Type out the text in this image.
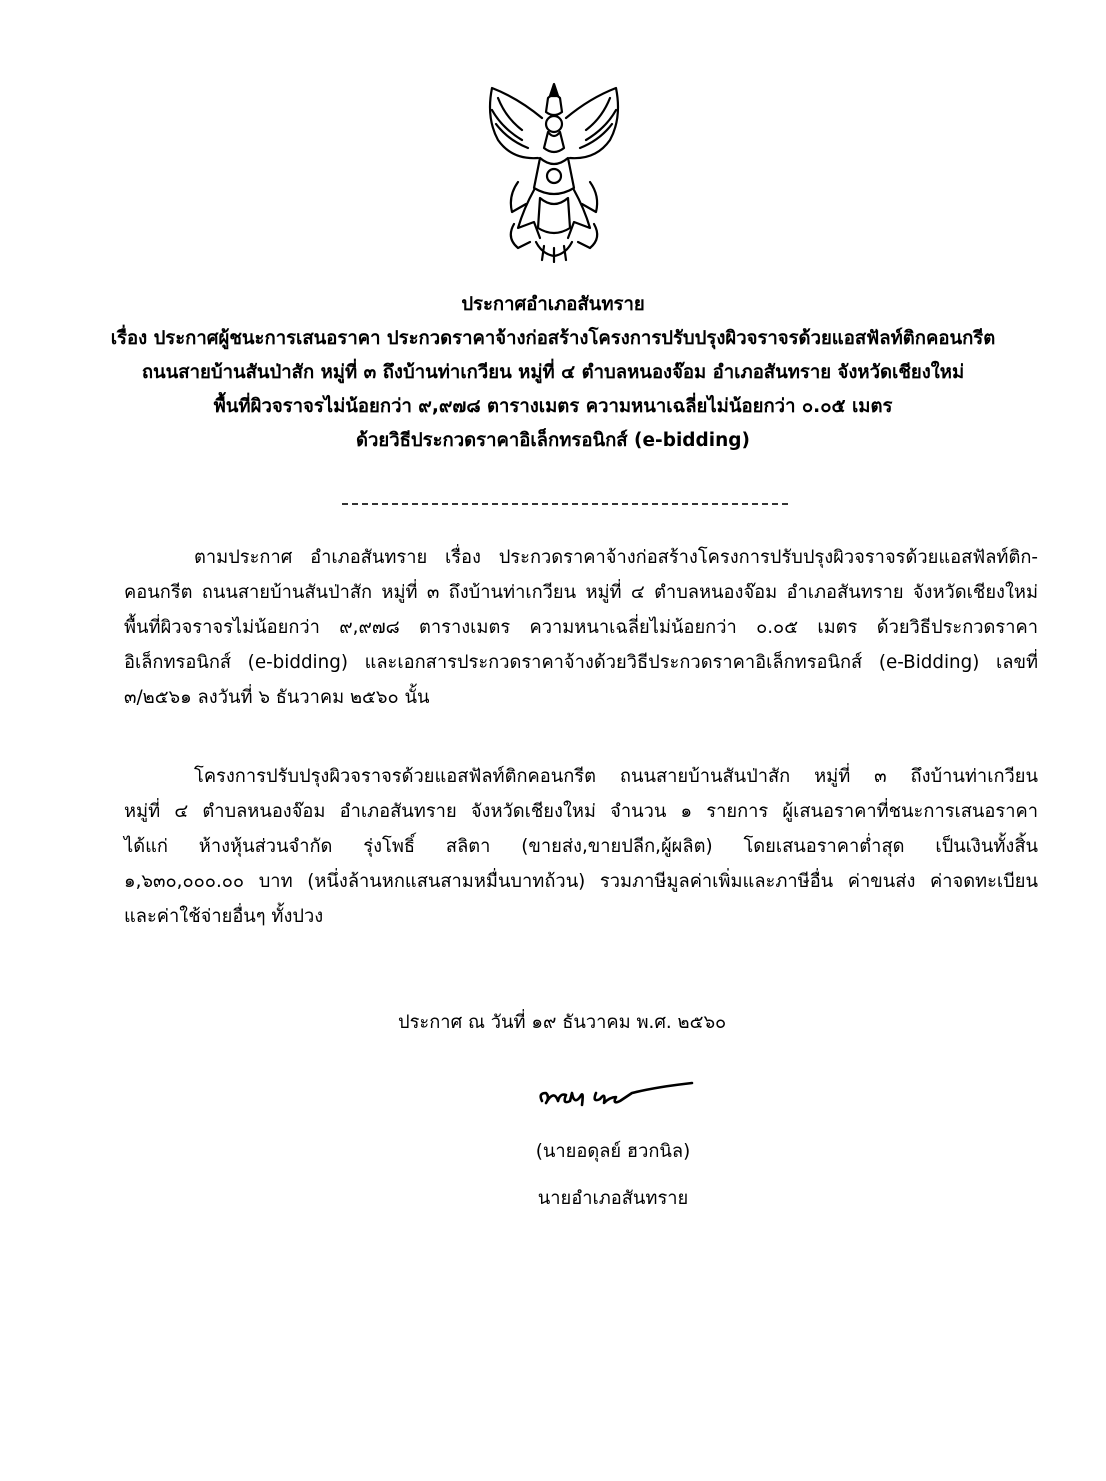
ประกาศอำเภอสันทราย
เรื่อง ประกาศผู้ชนะการเสนอราคา ประกวดราคาจ้างก่อสร้างโครงการปรับปรุงผิวจราจรด้วยแอสฟัลท์ติกคอนกรีต
ถนนสายบ้านสันป่าสัก หมู่ที่ ๓ ถึงบ้านท่าเกวียน หมู่ที่ ๔ ตำบลหนองจ๊อม อำเภอสันทราย จังหวัดเชียงใหม่
พื้นที่ผิวจราจรไม่น้อยกว่า ๙,๙๗๘ ตารางเมตร ความหนาเฉลี่ยไม่น้อยกว่า ๐.๐๕ เมตร
ด้วยวิธีประกวดราคาอิเล็กทรอนิกส์ (e-bidding)
ตามประกาศ อำเภอสันทราย เรื่อง ประกวดราคาจ้างก่อสร้างโครงการปรับปรุงผิวจราจรด้วยแอสฟัลท์ติก-
คอนกรีต ถนนสายบ้านสันป่าสัก หมู่ที่ ๓ ถึงบ้านท่าเกวียน หมู่ที่ ๔ ตำบลหนองจ๊อม อำเภอสันทราย จังหวัดเชียงใหม่
พื้นที่ผิวจราจรไม่น้อยกว่า ๙,๙๗๘ ตารางเมตร ความหนาเฉลี่ยไม่น้อยกว่า ๐.๐๕ เมตร ด้วยวิธีประกวดราคา
อิเล็กทรอนิกส์ (e-bidding) และเอกสารประกวดราคาจ้างด้วยวิธีประกวดราคาอิเล็กทรอนิกส์ (e-Bidding) เลขที่
๓/๒๕๖๑ ลงวันที่ ๖ ธันวาคม ๒๕๖๐ นั้น
โครงการปรับปรุงผิวจราจรด้วยแอสฟัลท์ติกคอนกรีต ถนนสายบ้านสันป่าสัก หมู่ที่ ๓ ถึงบ้านท่าเกวียน
หมู่ที่ ๔ ตำบลหนองจ๊อม อำเภอสันทราย จังหวัดเชียงใหม่ จำนวน ๑ รายการ ผู้เสนอราคาที่ชนะการเสนอราคา
ได้แก่ ห้างหุ้นส่วนจำกัด รุ่งโพธิ์ สลิตา (ขายส่ง,ขายปลีก,ผู้ผลิต) โดยเสนอราคาต่ำสุด เป็นเงินทั้งสิ้น
๑,๖๓๐,๐๐๐.๐๐ บาท (หนึ่งล้านหกแสนสามหมื่นบาทถ้วน) รวมภาษีมูลค่าเพิ่มและภาษีอื่น ค่าขนส่ง ค่าจดทะเบียน
และค่าใช้จ่ายอื่นๆ ทั้งปวง
ประกาศ ณ วันที่ ๑๙ ธันวาคม พ.ศ. ๒๕๖๐
(นายอดุลย์ ฮวกนิล)
นายอำเภอสันทราย
